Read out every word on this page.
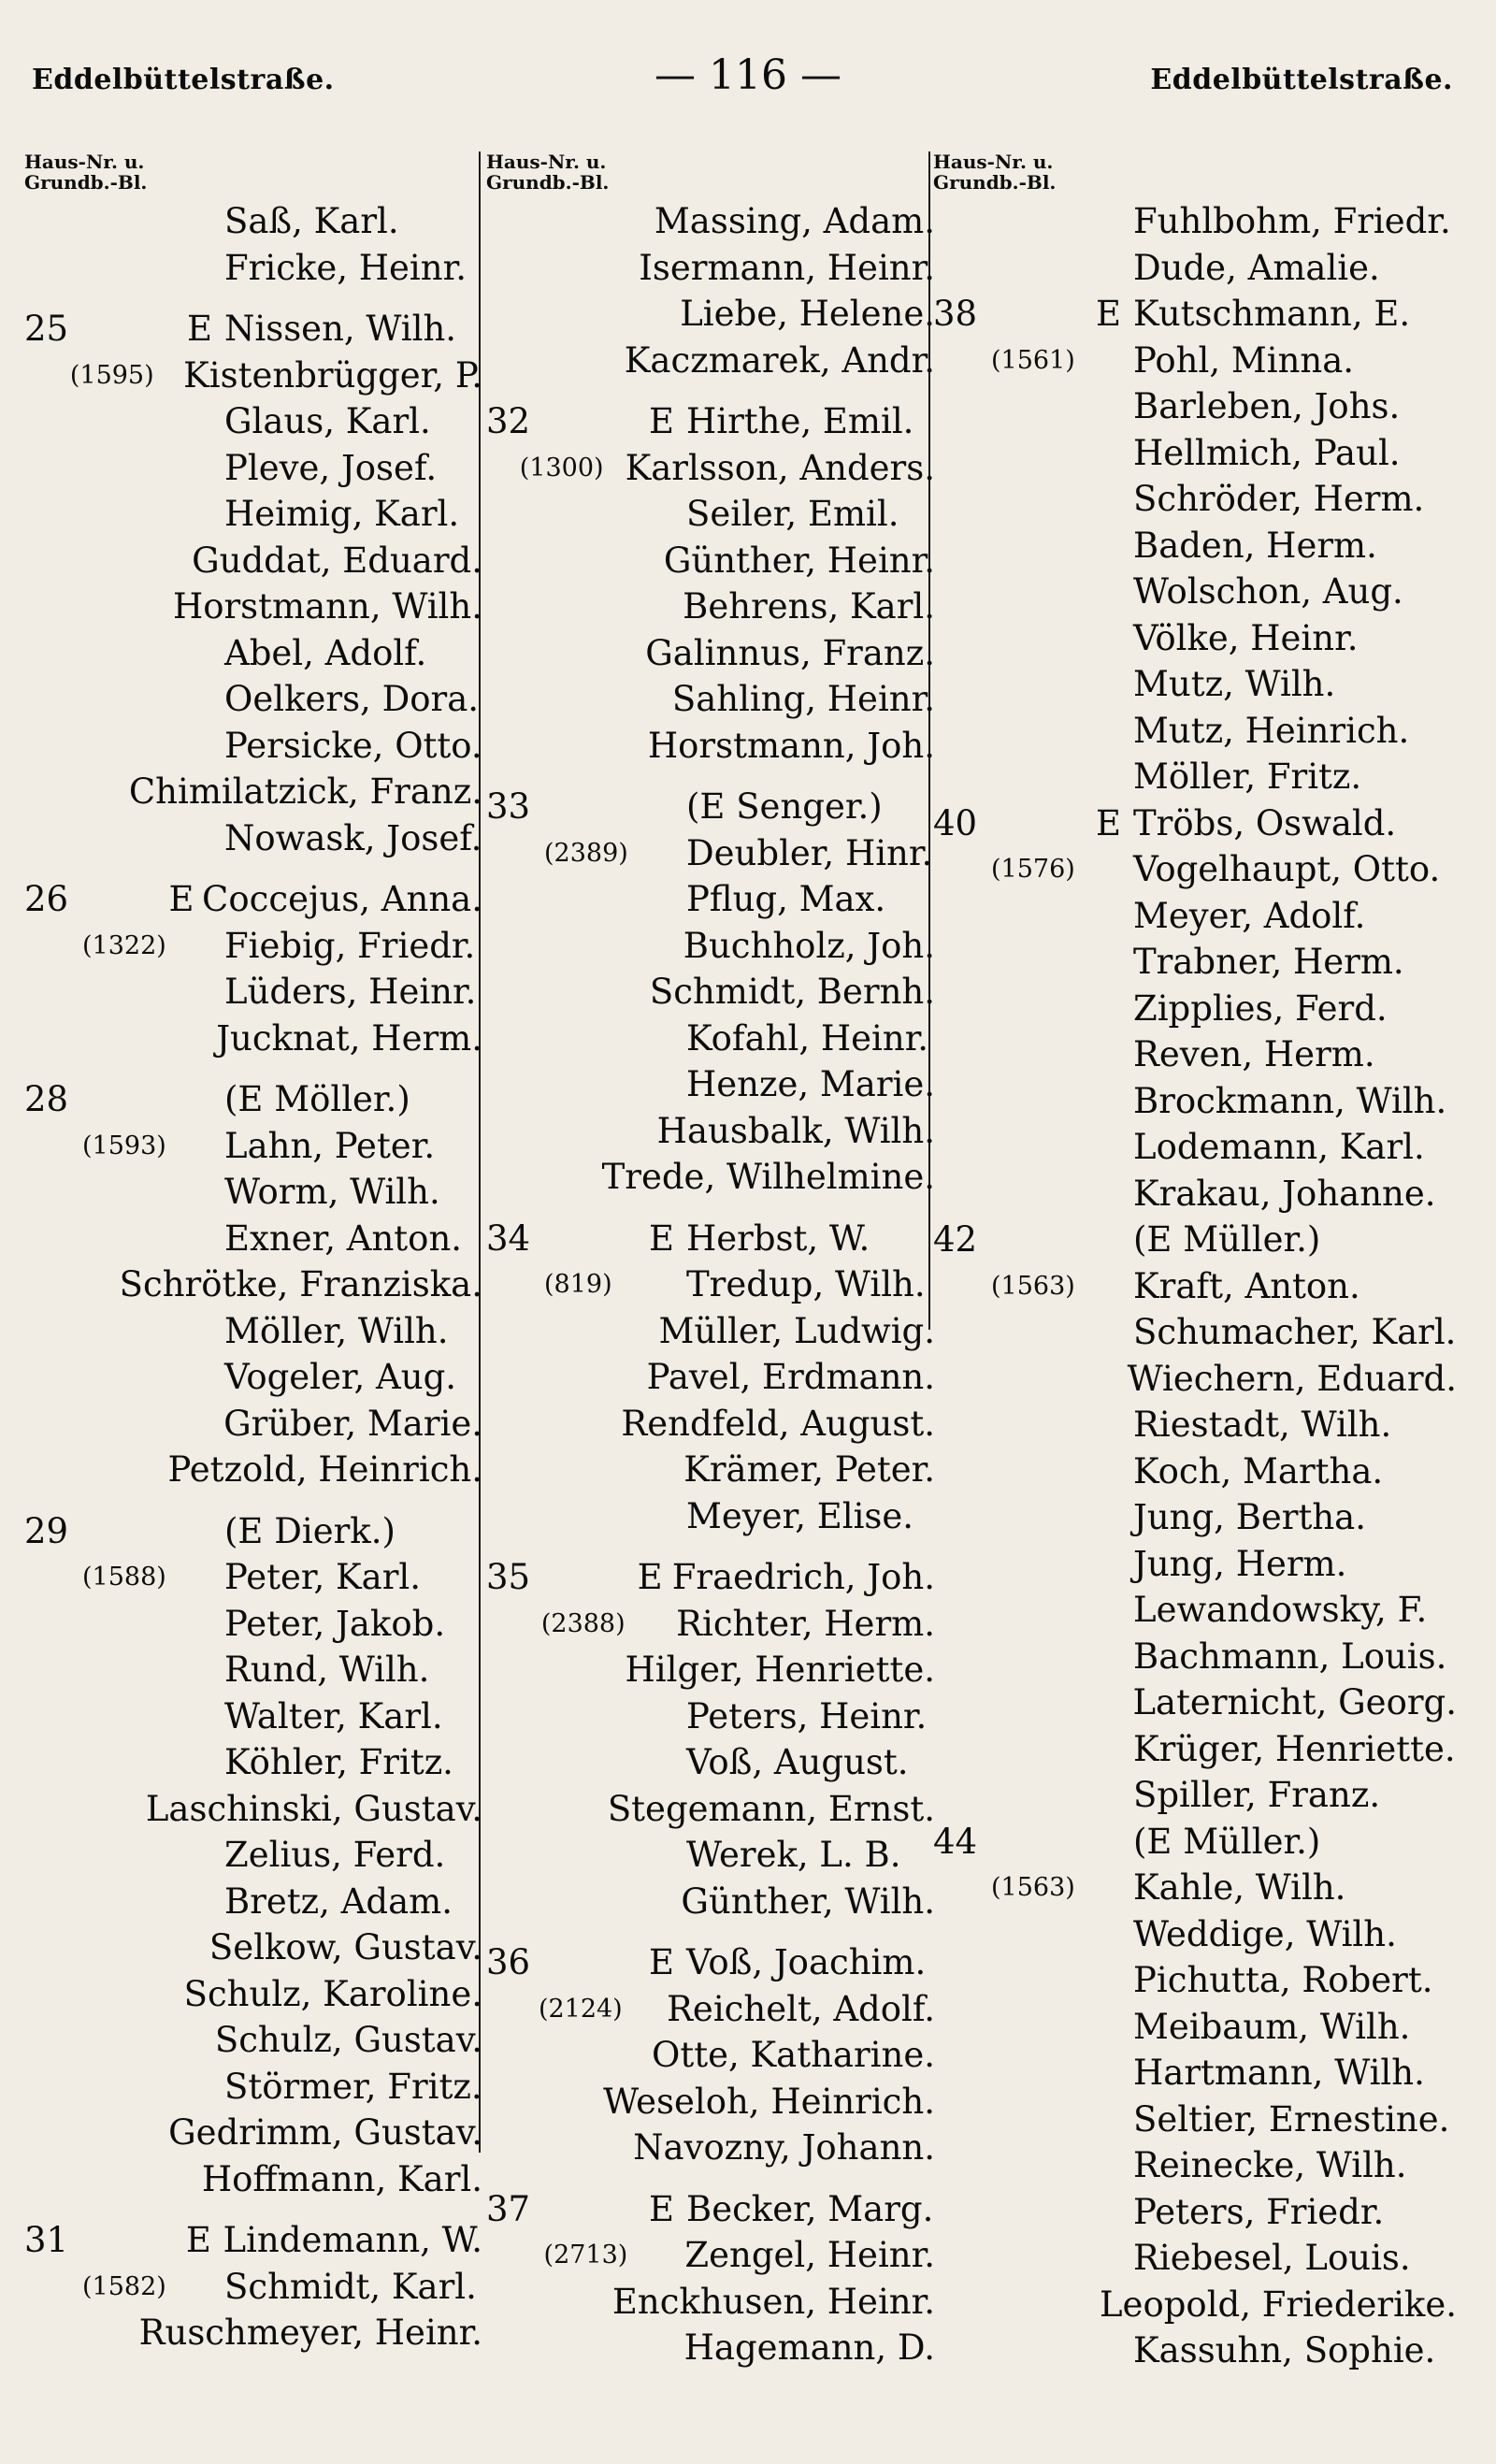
Eddelbüttelstraße.	— 116 —	Eddelbüttelstraße.
Haus-Nr. u.
Grundb.-Bl.
Saß, Karl.
Fricke, Heinr.
25	E Nissen, Wilh.
(1595) Kistenbrügger, P.
Glaus, Karl.
Pleve, Josef.
Heimig, Karl.
Guddat, Eduard.
Horstmann, Wilh.
Abel, Adolf.
Oelkers, Dora.
Persicke, Otto.
Chimilatzick, Franz.
Nowask, Josef.
26	E Coccejus, Anna.
(1322)	Fiebig, Friedr.
Lüders, Heinr.
Jucknat, Herm.
28	(E Möller.)
(1593)	Lahn, Peter.
Worm, Wilh.
Exner, Anton.
Schrötke, Franziska.
Möller, Wilh.
Vogeler, Aug.
Grüber, Marie.
Petzold, Heinrich.
29	(E Dierk.)
(1588)	Peter, Karl.
Peter, Jakob.
Rund, Wilh.
Walter, Karl.
Köhler, Fritz.
Laschinski, Gustav.
Zelius, Ferd.
Bretz, Adam.
Selkow, Gustav.
Schulz, Karoline.
Schulz, Gustav.
Störmer, Fritz.
Gedrimm, Gustav.
Hoffmann, Karl.
31	E Lindemann, W.
(1582)	Schmidt, Karl.
Ruschmeyer, Heinr.
Haus-Nr. u.
Grundb.-Bl.
Massing, Adam.
Isermann, Heinr.
Liebe, Helene.
Kaczmarek, Andr.
32	E Hirthe, Emil.
(1300) Karlsson, Anders.
Seiler, Emil.
Günther, Heinr.
Behrens, Karl.
Galinnus, Franz.
Sahling, Heinr.
Horstmann, Joh.
33	(E Senger.)
(2389)	Deubler, Hinr.
Pflug, Max.
Buchholz, Joh.
Schmidt, Bernh.
Kofahl, Heinr.
Henze, Marie.
Hausbalk, Wilh.
Trede, Wilhelmine.
34	E Herbst, W.
(819)	Tredup, Wilh.
Müller, Ludwig.
Pavel, Erdmann.
Rendfeld, August.
Krämer, Peter.
Meyer, Elise.
35	E Fraedrich, Joh.
(2388)	Richter, Herm.
Hilger, Henriette.
Peters, Heinr.
Voß, August.
Stegemann, Ernst.
Werek, L. B.
Günther, Wilh.
36	E Voß, Joachim.
(2124)	Reichelt, Adolf.
Otte, Katharine.
Weseloh, Heinrich.
Navozny, Johann.
37	E Becker, Marg.
(2713)	Zengel, Heinr.
Enckhusen, Heinr.
Hagemann, D.
Haus-Nr. u.
Grundb.-Bl.
Fuhlbohm, Friedr.
Dude, Amalie.
38	E Kutschmann, E.
(1561)	Pohl, Minna.
Barleben, Johs.
Hellmich, Paul.
Schröder, Herm.
Baden, Herm.
Wolschon, Aug.
Völke, Heinr.
Mutz, Wilh.
Mutz, Heinrich.
Möller, Fritz.
40	E Tröbs, Oswald.
(1576)	Vogelhaupt, Otto.
Meyer, Adolf.
Trabner, Herm.
Zipplies, Ferd.
Reven, Herm.
Brockmann, Wilh.
Lodemann, Karl.
Krakau, Johanne.
42	(E Müller.)
(1563)	Kraft, Anton.
Schumacher, Karl.
Wiechern, Eduard.
Riestadt, Wilh.
Koch, Martha.
Jung, Bertha.
Jung, Herm.
Lewandowsky, F.
Bachmann, Louis.
Laternicht, Georg.
Krüger, Henriette.
Spiller, Franz.
44	(E Müller.)
(1563)	Kahle, Wilh.
Weddige, Wilh.
Pichutta, Robert.
Meibaum, Wilh.
Hartmann, Wilh.
Seltier, Ernestine.
Reinecke, Wilh.
Peters, Friedr.
Riebesel, Louis.
Leopold, Friederike.
Kassuhn, Sophie.
